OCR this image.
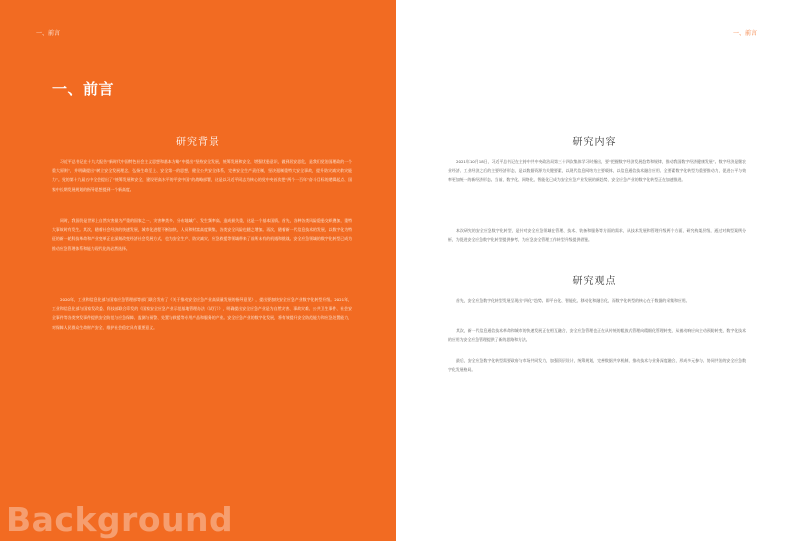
一、前言
一、前言
研究背景
习近平总书记在十九大报告“新时代中国特色社会主义思想和基本方略”中提出“坚持安全发展，统筹发展和安全，增强忧患意识，做到居安思危，是我们党治国理政的一个重大原则”，并明确提出“树立安全发展理念，弘扬生命至上、安全第一的思想，健全公共安全体系，完善安全生产责任制，坚决遏制重特大安全事故，提升防灾减灾救灾能力”。党的第十九届五中全会提出了“统筹发展和安全，建设更高水平的平安中国”的战略部署，这是以习近平同志为核心的党中央首次把“两个一百年”奋斗目标的逻辑起点、国家中长期发展规划的指导思想提到一个新高度。
同时，我国仍是世界上自然灾害最为严重的国家之一，灾害种类多、分布地域广、发生频率高、造成损失重，这是一个基本国情。首先，各种各类风险隐患交织叠加，重特大事故时有发生。其次，随着社会经济的快速发展，城市化进程不断加快，人员和财富高度聚集，各类安全风险也随之增加。再次，随着新一代信息技术的发展，以数字化为特征的新一轮科技革命和产业变革正在深刻改变经济社会发展方式，也为安全生产、防灾减灾、应急救援等领域带来了前所未有的机遇和挑战。安全应急领域的数字化转型已成为推动应急管理体系和能力现代化的必然选择。
2020年，工业和信息化部与国家应急管理部等部门联合发布了《关于推动安全应急产业高质量发展的指导意见》，提出要加快安全应急产业数字化转型升级。2021年，工业和信息化部与国家发改委、科技部联合印发的《国家安全应急产业示范基地管理办法（试行）》，明确提出安全应急产业是为自然灾害、事故灾难、公共卫生事件、社会安全事件等各类突发事件提供安全防范与应急保障、监测与预警、处置与救援等专用产品和服务的产业。安全应急产业的数字化发展，将有效提升安全防范能力和应急处置能力，对保障人民群众生命财产安全、维护社会稳定具有重要意义。
Background
一、前言
研究内容
2021年10月18日，习近平总书记在主持中共中央政治局第三十四次集体学习时指出，要“把握数字经济发展趋势和规律，推动我国数字经济健康发展”。数字经济是继农业经济、工业经济之后的主要经济形态，是以数据资源为关键要素，以现代信息网络为主要载体，以信息通信技术融合应用、全要素数字化转型为重要推动力，促进公平与效率更加统一的新经济形态。当前，数字化、网络化、智能化已成为安全应急产业发展的新趋势，安全应急产业的数字化转型正在加速推进。
本次研究的安全应急数字化转型，是针对安全应急领域在管理、技术、装备和服务等方面的需求，从技术发展和管理升级两个方面，研究构架层级，通过对典型案例分析，为促进安全应急数字化转型提供参考，为应急安全管理工作转型升级提供借鉴。
研究观点
首先，安全应急数字化转型发展呈现出“四化”趋势。即平台化、智能化、移动化和融合化，而数字化转型的核心在于数据的采集和应用。
其次，新一代信息通信技术革命和城市的快速发展正在相互融合，安全应急管理也正在从传统的粗放式管理向精细化管理转变，从被动响应向主动预防转变，数字化技术的应用为安全应急管理提供了新的思路和方法。
最后，安全应急数字化转型需要政府与市场共同发力，加强顶层设计，统筹规划，完善数据共享机制，推动技术与业务深度融合，形成多元参与、协同共治的安全应急数字化发展格局。
